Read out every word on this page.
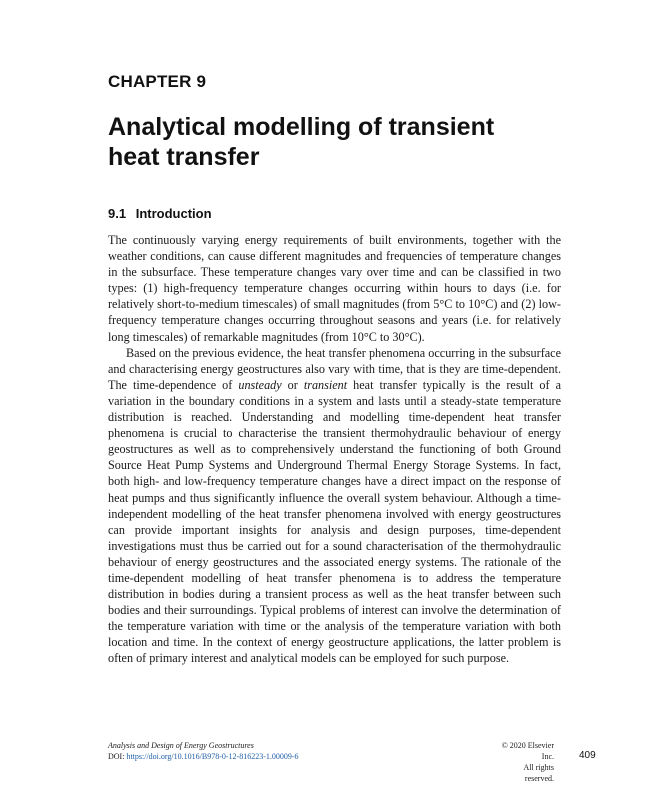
CHAPTER 9
Analytical modelling of transient
heat transfer
9.1 Introduction

The continuously varying energy requirements of built environments, together with the weather conditions, can cause different magnitudes and frequencies of temperature changes in the subsurface. These temperature changes vary over time and can be classified in two types: (1) high-frequency temperature changes occurring within hours to days (i.e. for relatively short-to-medium timescales) of small magnitudes (from 5°C to 10°C) and (2) low-frequency temperature changes occurring throughout seasons and years (i.e. for relatively long timescales) of remarkable magnitudes (from 10°C to 30°C).

Based on the previous evidence, the heat transfer phenomena occurring in the subsurface and characterising energy geostructures also vary with time, that is they are time-dependent. The time-dependence of unsteady or transient heat transfer typically is the result of a variation in the boundary conditions in a system and lasts until a steady-state temperature distribution is reached. Understanding and modelling time-dependent heat transfer phenomena is crucial to characterise the transient thermohydraulic behaviour of energy geostructures as well as to comprehensively understand the functioning of both Ground Source Heat Pump Systems and Underground Thermal Energy Storage Systems. In fact, both high- and low-frequency temperature changes have a direct impact on the response of heat pumps and thus significantly influence the overall system behaviour. Although a time-independent modelling of the heat transfer phenomena involved with energy geostructures can provide important insights for analysis and design purposes, time-dependent investigations must thus be carried out for a sound characterisation of the thermohydraulic behaviour of energy geostructures and the associated energy systems. The rationale of the time-dependent modelling of heat transfer phenomena is to address the temperature distribution in bodies during a transient process as well as the heat transfer between such bodies and their surroundings. Typical problems of interest can involve the determination of the temperature variation with time or the analysis of the temperature variation with both location and time. In the context of energy geostructure applications, the latter problem is often of primary interest and analytical models can be employed for such purpose.

Analysis and Design of Energy Geostructures
DOI: https://doi.org/10.1016/B978-0-12-816223-1.00009-6
© 2020 Elsevier Inc.
All rights reserved.
409
